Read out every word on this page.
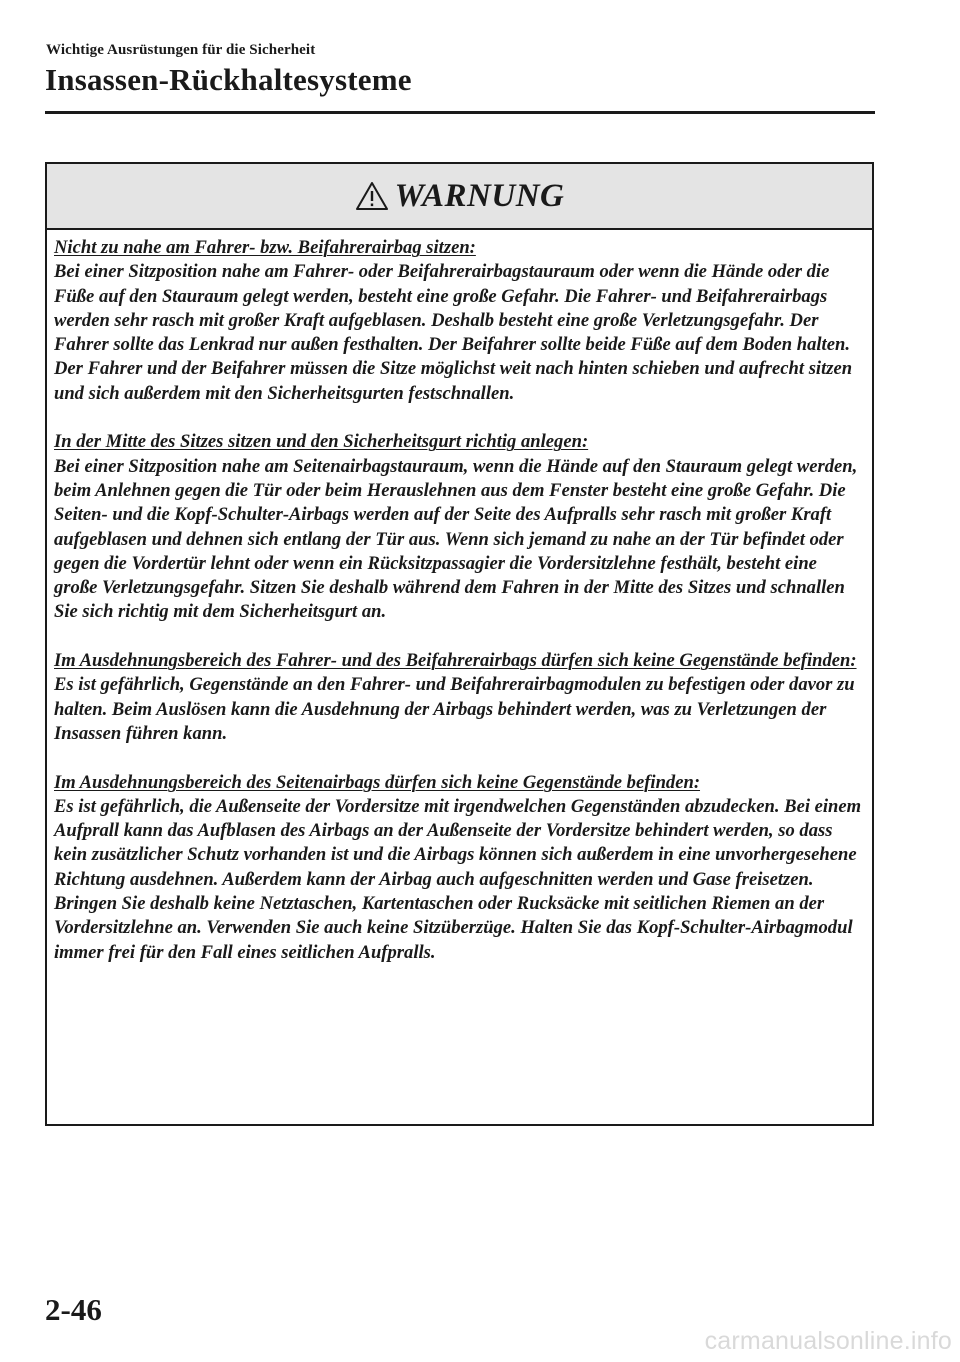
Wichtige Ausrüstungen für die Sicherheit
Insassen-Rückhaltesysteme
WARNUNG
Nicht zu nahe am Fahrer- bzw. Beifahrerairbag sitzen:
Bei einer Sitzposition nahe am Fahrer- oder Beifahrerairbagstauraum oder wenn die Hände oder die Füße auf den Stauraum gelegt werden, besteht eine große Gefahr. Die Fahrer- und Beifahrerairbags werden sehr rasch mit großer Kraft aufgeblasen. Deshalb besteht eine große Verletzungsgefahr. Der Fahrer sollte das Lenkrad nur außen festhalten. Der Beifahrer sollte beide Füße auf dem Boden halten. Der Fahrer und der Beifahrer müssen die Sitze möglichst weit nach hinten schieben und aufrecht sitzen und sich außerdem mit den Sicherheitsgurten festschnallen.
In der Mitte des Sitzes sitzen und den Sicherheitsgurt richtig anlegen:
Bei einer Sitzposition nahe am Seitenairbagstauraum, wenn die Hände auf den Stauraum gelegt werden, beim Anlehnen gegen die Tür oder beim Herauslehnen aus dem Fenster besteht eine große Gefahr. Die Seiten- und die Kopf-Schulter-Airbags werden auf der Seite des Aufpralls sehr rasch mit großer Kraft aufgeblasen und dehnen sich entlang der Tür aus. Wenn sich jemand zu nahe an der Tür befindet oder gegen die Vordertür lehnt oder wenn ein Rücksitzpassagier die Vordersitzlehne festhält, besteht eine große Verletzungsgefahr. Sitzen Sie deshalb während dem Fahren in der Mitte des Sitzes und schnallen Sie sich richtig mit dem Sicherheitsgurt an.
Im Ausdehnungsbereich des Fahrer- und des Beifahrerairbags dürfen sich keine Gegenstände befinden:
Es ist gefährlich, Gegenstände an den Fahrer- und Beifahrerairbagmodulen zu befestigen oder davor zu halten. Beim Auslösen kann die Ausdehnung der Airbags behindert werden, was zu Verletzungen der Insassen führen kann.
Im Ausdehnungsbereich des Seitenairbags dürfen sich keine Gegenstände befinden:
Es ist gefährlich, die Außenseite der Vordersitze mit irgendwelchen Gegenständen abzudecken. Bei einem Aufprall kann das Aufblasen des Airbags an der Außenseite der Vordersitze behindert werden, so dass kein zusätzlicher Schutz vorhanden ist und die Airbags können sich außerdem in eine unvorhergesehene Richtung ausdehnen. Außerdem kann der Airbag auch aufgeschnitten werden und Gase freisetzen. Bringen Sie deshalb keine Netztaschen, Kartentaschen oder Rucksäcke mit seitlichen Riemen an der Vordersitzlehne an. Verwenden Sie auch keine Sitzüberzüge. Halten Sie das Kopf-Schulter-Airbagmodul immer frei für den Fall eines seitlichen Aufpralls.
2-46
carmanualsonline.info
